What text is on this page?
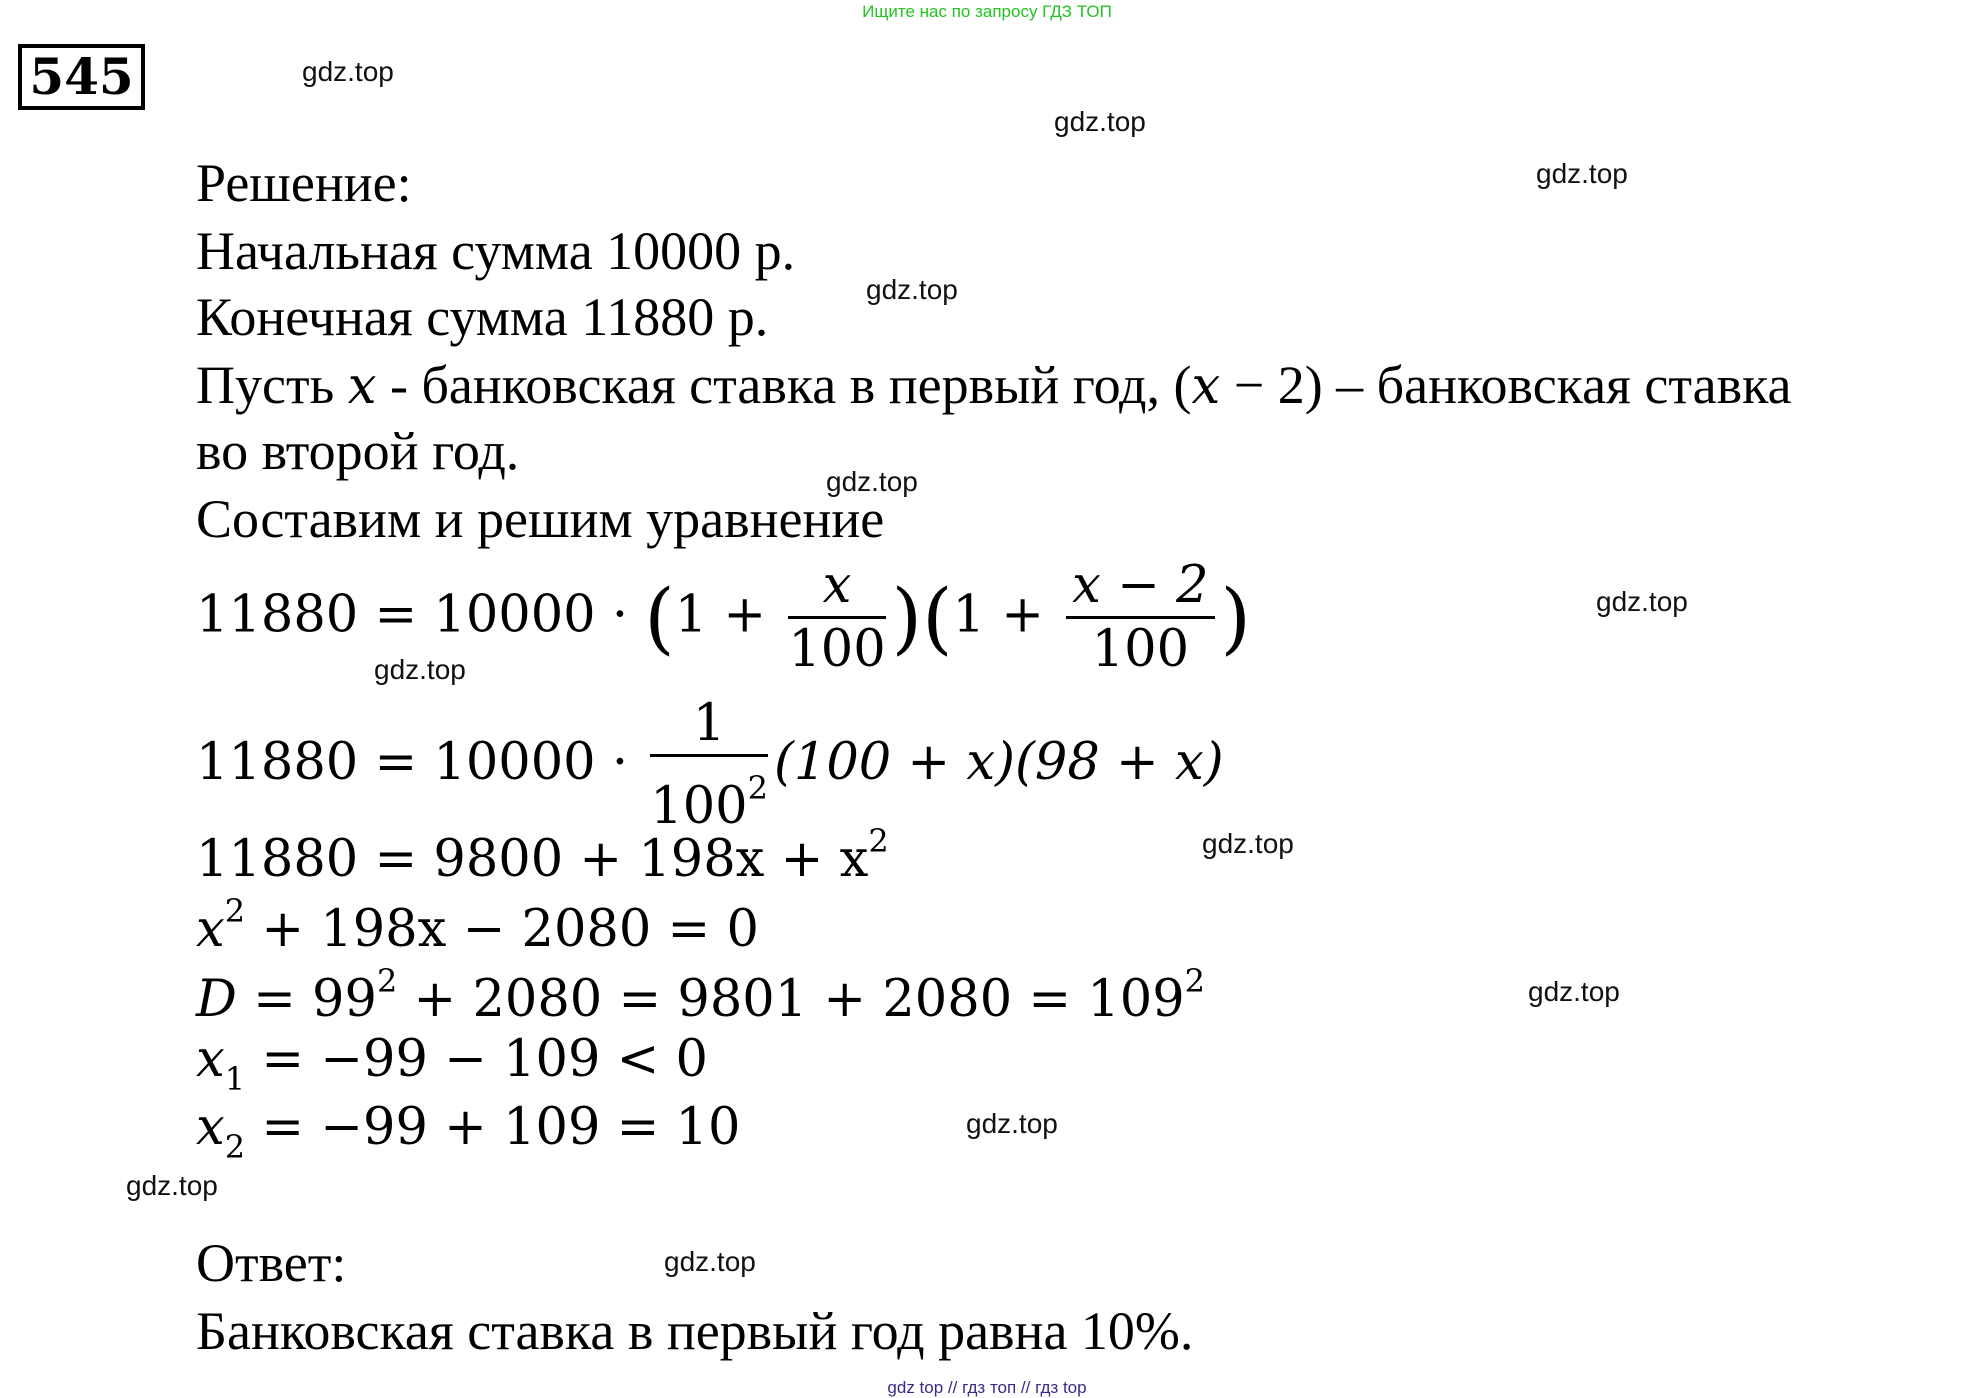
Ищите нас по запросу ГДЗ ТОП
545	gdz.top
gdz.top
gdz.top
gdz.top
gdz.top
gdz.top
gdz.top
gdz.top
gdz.top
gdz.top
gdz.top
gdz.top
Решение:
Начальная сумма 10000 р.
Конечная сумма 11880 р.
Пусть x - банковская ставка в первый год, (x − 2) – банковская ставка
во второй год.
Составим и решим уравнение
$11880 = 10000 \cdot (1 + \frac{x}{100} )(1 + \frac{x - 2}{100}$ )
$11880 = 10000 \cdot \frac{1}{100^2} (100 + x)(98 + x)$
$11880 = 9800 + 198x + x^2$
$x^2 + 198x - 2080 = 0$
$D = 99^2 + 2080 = 9801 + 2080 = 109^2$
$x_1 = -99 - 109 < 0$
$x_2 = -99 + 109 = 10$
Ответ:
Банковская ставка в первый год равна 10%.
gdz top // гдз топ // гдз top
